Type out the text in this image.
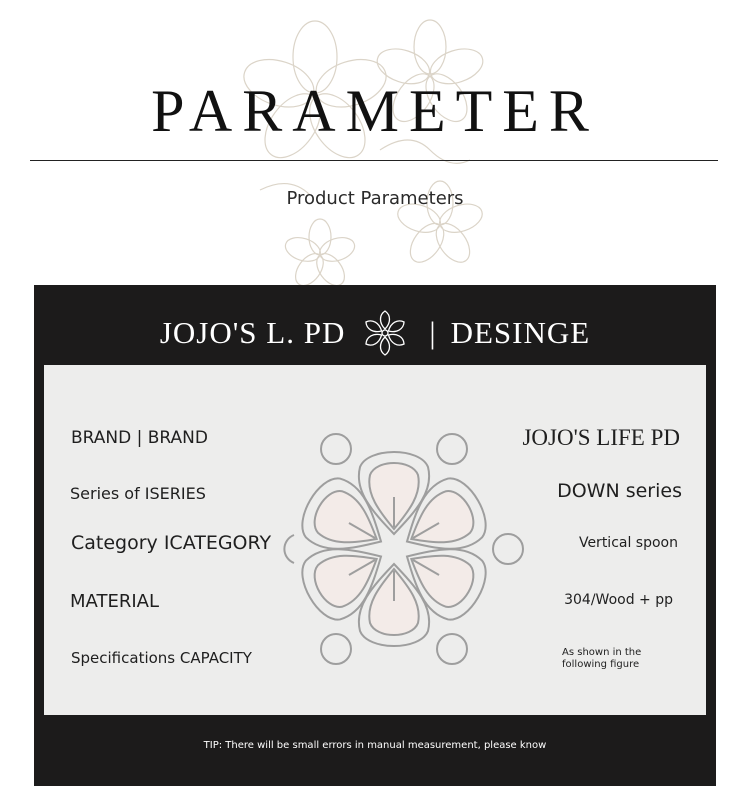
PARAMETER
Product Parameters
JOJO'S L. PD	| DESINGE
BRAND | BRAND	JOJO'S LIFE PD
Series of ISERIES	DOWN series
Category ICATEGORY	Vertical spoon
MATERIAL	304/Wood + pp
Specifications CAPACITY	As shown in the
following figure
TIP: There will be small errors in manual measurement, please know
